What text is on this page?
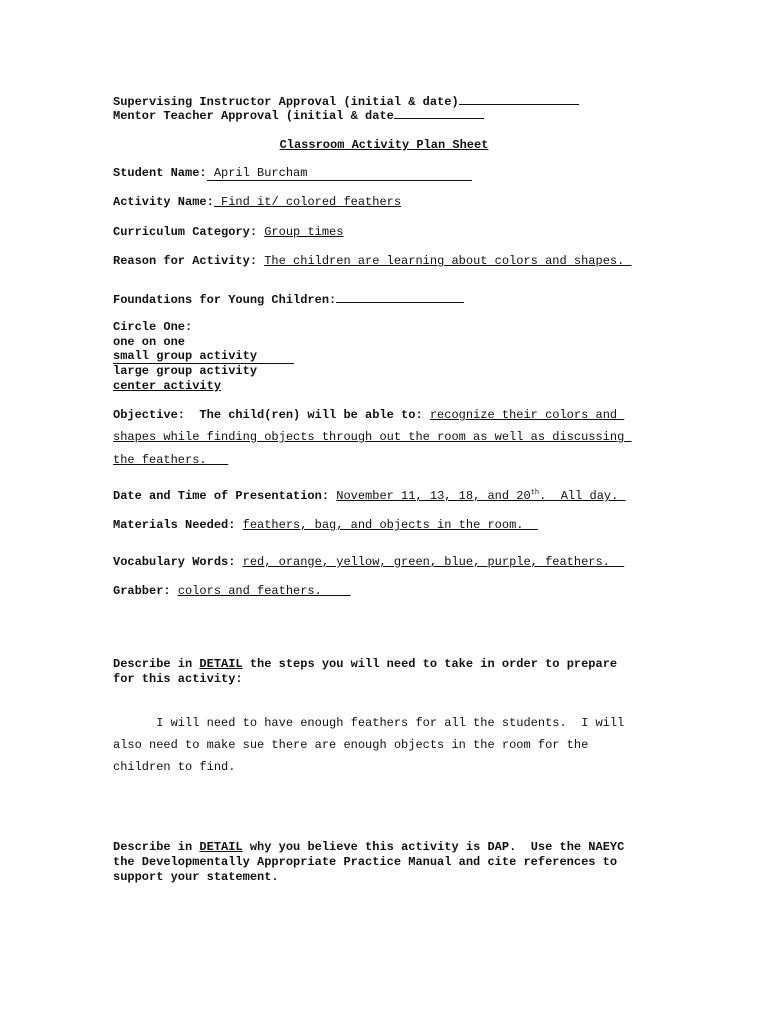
Supervising Instructor Approval (initial & date)
Mentor Teacher Approval (initial & date
Classroom Activity Plan Sheet
Student Name: April Burcham
Activity Name: Find it/ colored feathers
Curriculum Category: Group times
Reason for Activity: The children are learning about colors and shapes.
Foundations for Young Children:
Circle One:
one on one
small group activity
large group activity
center activity
Objective:  The child(ren) will be able to: recognize their colors and
shapes while finding objects through out the room as well as discussing
the feathers.
Date and Time of Presentation: November 11, 13, 18, and 20th.  All day.
Materials Needed: feathers, bag, and objects in the room.
Vocabulary Words: red, orange, yellow, green, blue, purple, feathers.
Grabber: colors and feathers.
Describe in DETAIL the steps you will need to take in order to prepare
for this activity:
I will need to have enough feathers for all the students.  I will
also need to make sue there are enough objects in the room for the
children to find.
Describe in DETAIL why you believe this activity is DAP.  Use the NAEYC
the Developmentally Appropriate Practice Manual and cite references to
support your statement.
